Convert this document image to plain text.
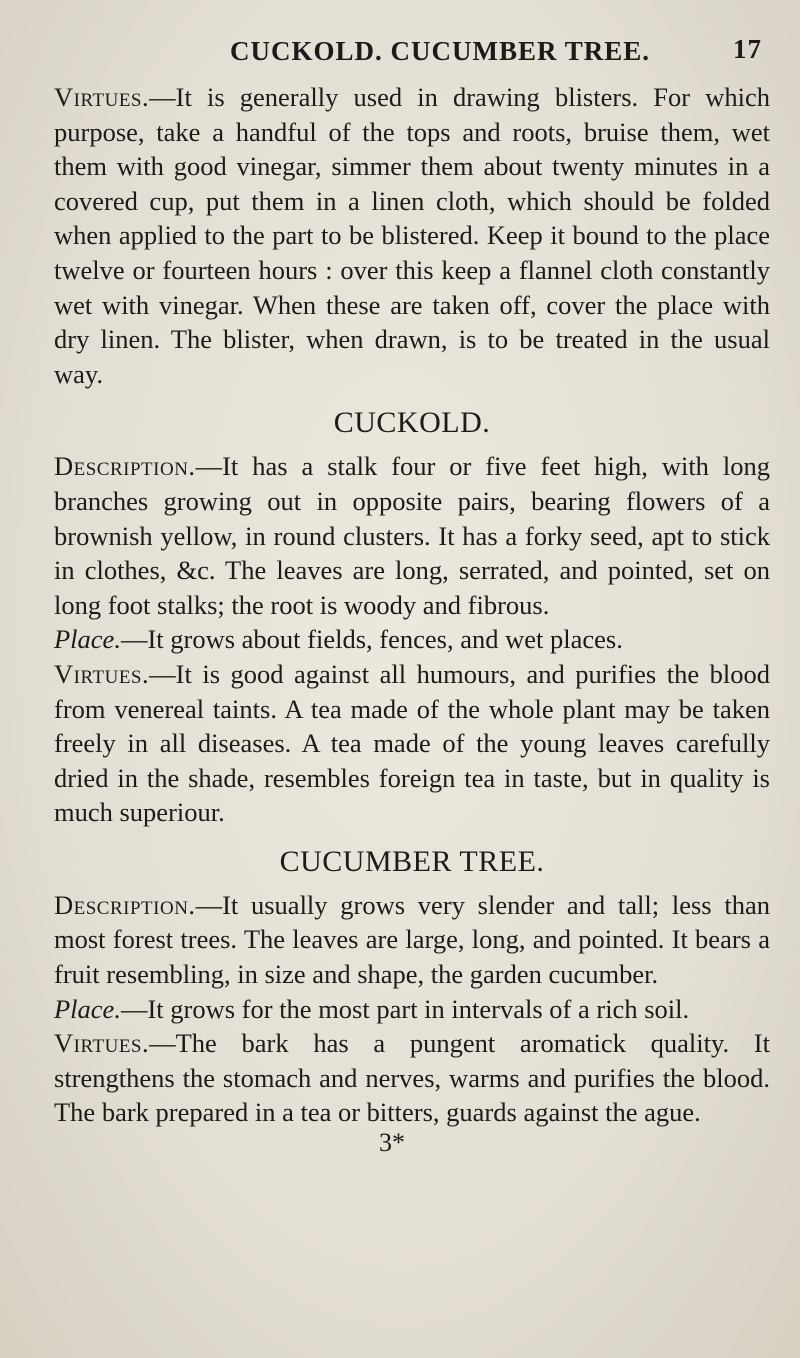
CUCKOLD. CUCUMBER TREE.	17

Virtues.—It is generally used in drawing blisters. For which purpose, take a handful of the tops and roots, bruise them, wet them with good vinegar, simmer them about twenty minutes in a covered cup, put them in a linen cloth, which should be folded when applied to the part to be blistered. Keep it bound to the place twelve or fourteen hours : over this keep a flannel cloth constantly wet with vinegar. When these are taken off, cover the place with dry linen. The blister, when drawn, is to be treated in the usual way.

CUCKOLD.

Description.—It has a stalk four or five feet high, with long branches growing out in opposite pairs, bearing flowers of a brownish yellow, in round clusters. It has a forky seed, apt to stick in clothes, &c. The leaves are long, serrated, and pointed, set on long foot stalks; the root is woody and fibrous.

Place.—It grows about fields, fences, and wet places.

Virtues.—It is good against all humours, and purifies the blood from venereal taints. A tea made of the whole plant may be taken freely in all diseases. A tea made of the young leaves carefully dried in the shade, resembles foreign tea in taste, but in quality is much superiour.

CUCUMBER TREE.

Description.—It usually grows very slender and tall; less than most forest trees. The leaves are large, long, and pointed. It bears a fruit resembling, in size and shape, the garden cucumber.

Place.—It grows for the most part in intervals of a rich soil.

Virtues.—The bark has a pungent aromatick quality. It strengthens the stomach and nerves, warms and purifies the blood. The bark prepared in a tea or bitters, guards against the ague.

3*
